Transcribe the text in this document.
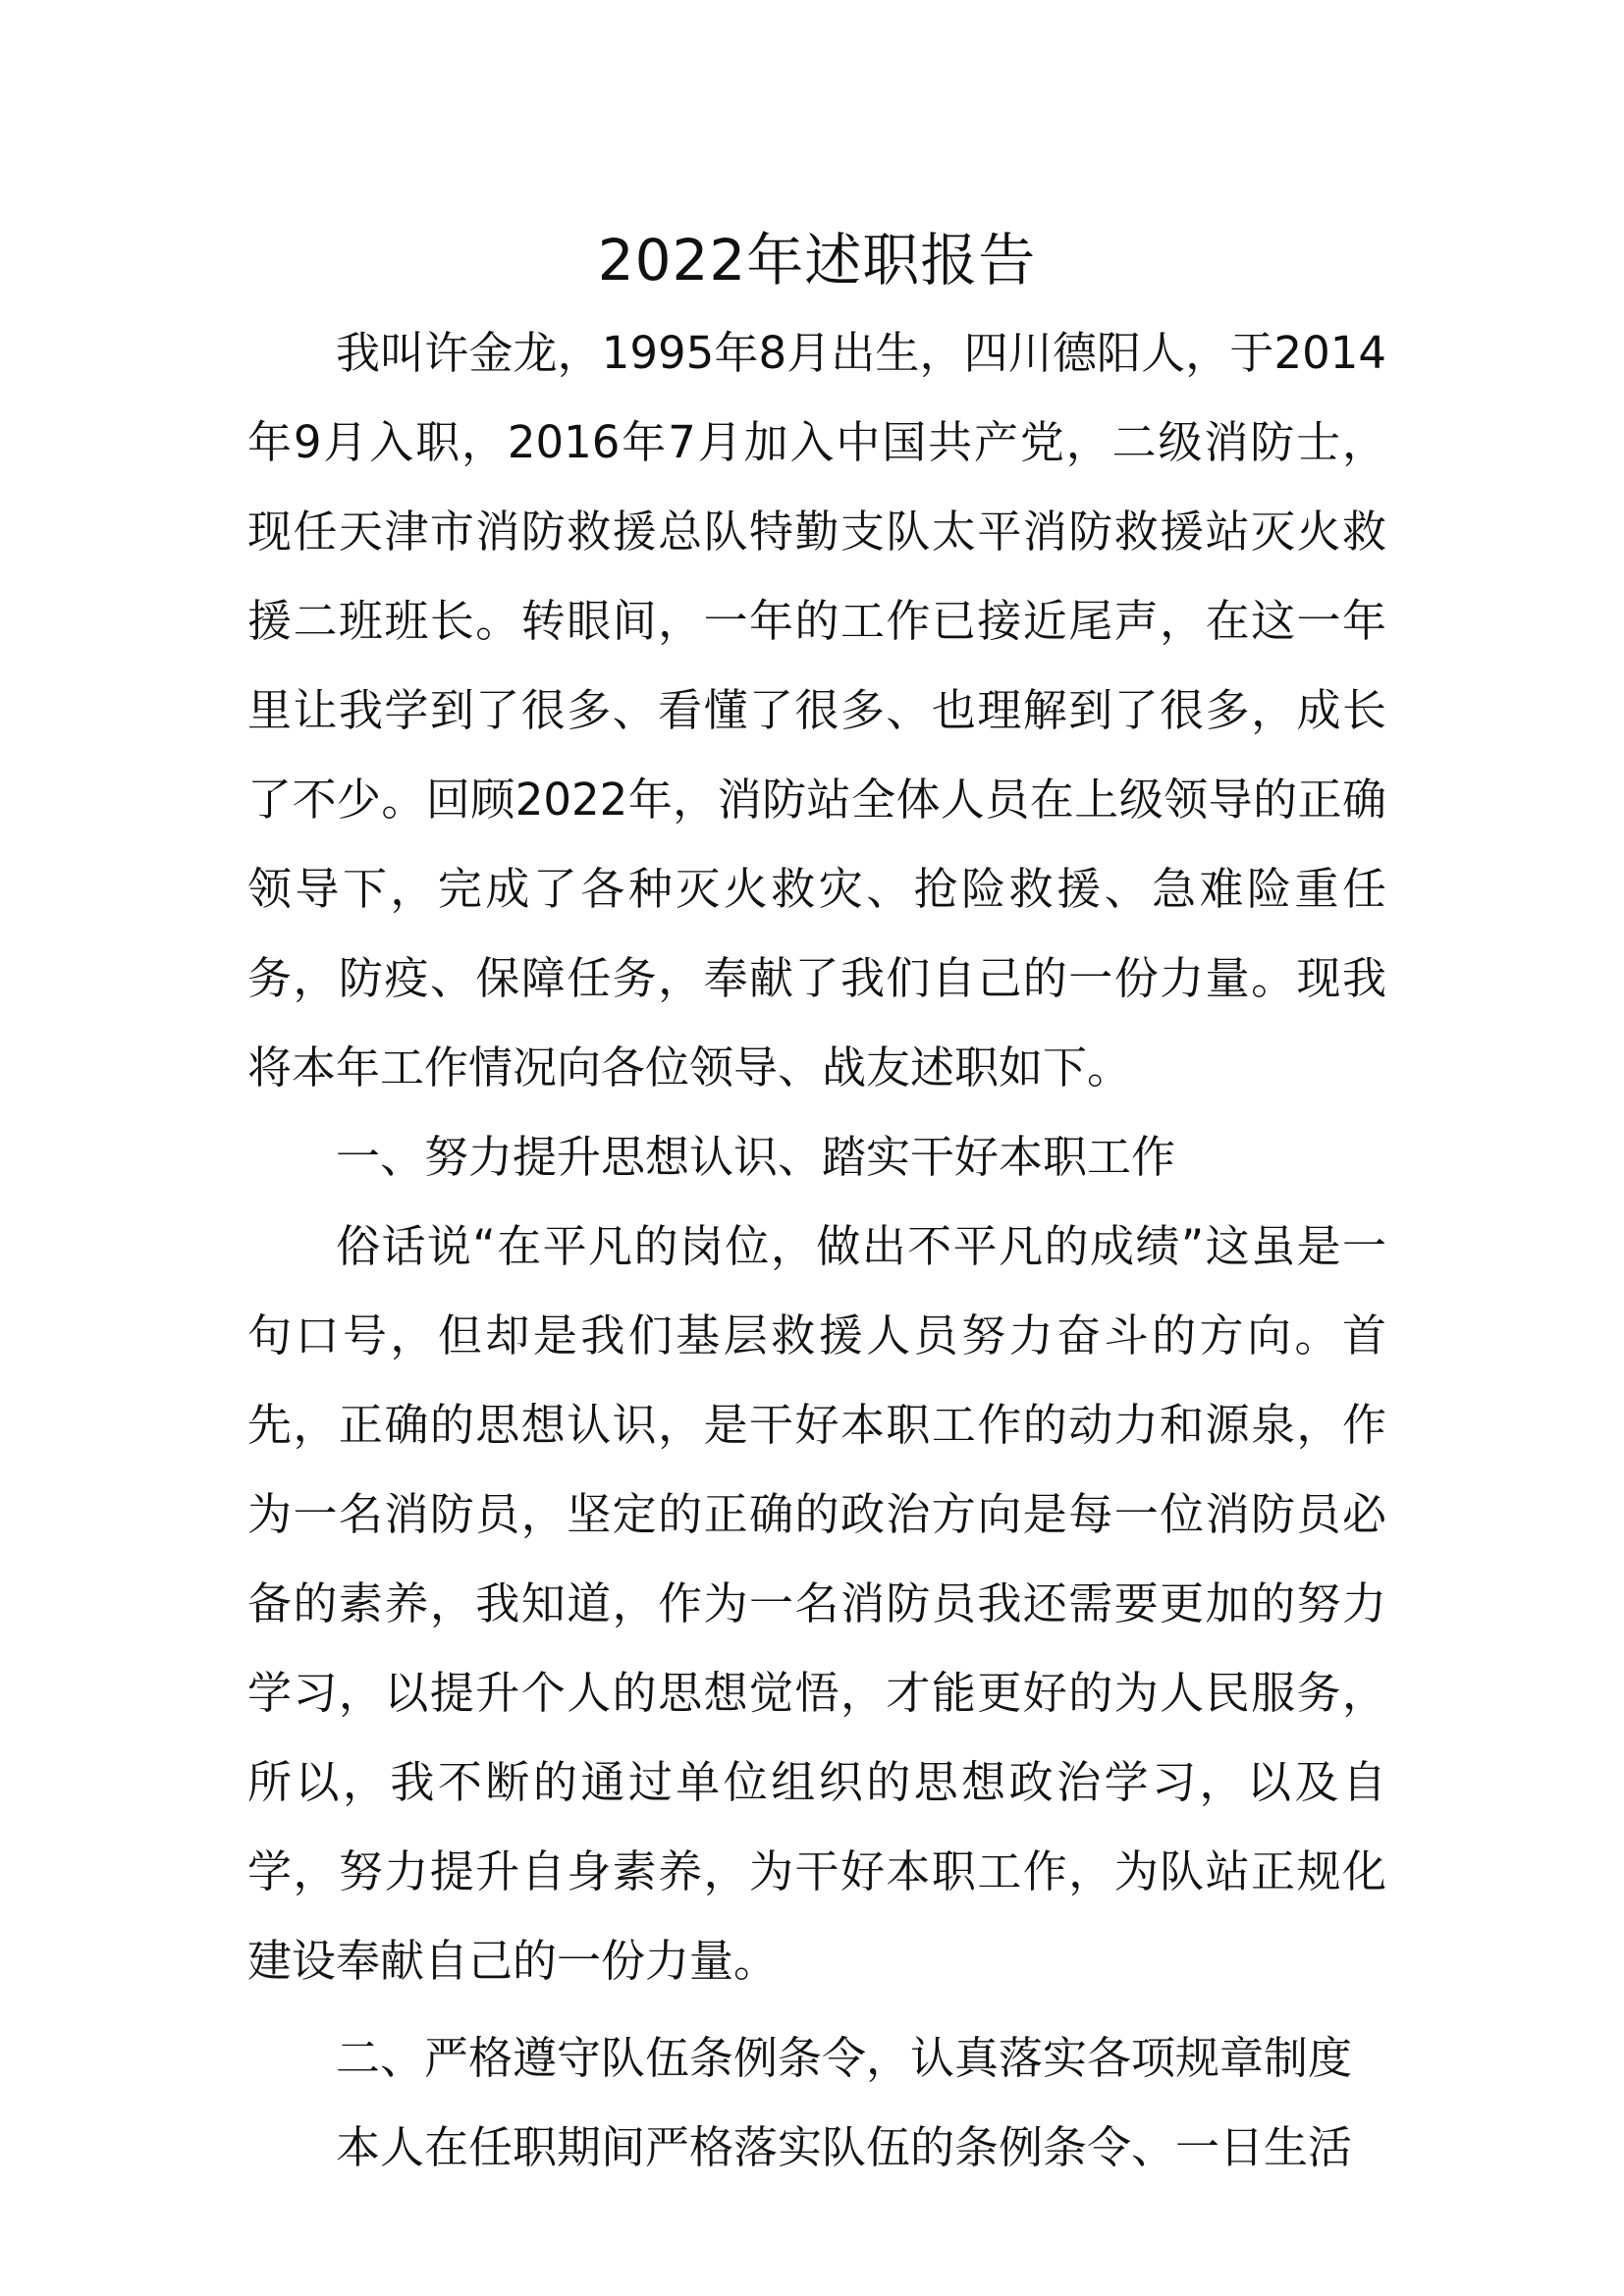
2022年述职报告

我叫许金龙，1995年8月出生，四川德阳人，于2014年9月入职，2016年7月加入中国共产党，二级消防士，现任天津市消防救援总队特勤支队太平消防救援站灭火救援二班班长。转眼间，一年的工作已接近尾声，在这一年里让我学到了很多、看懂了很多、也理解到了很多，成长了不少。回顾2022年，消防站全体人员在上级领导的正确领导下，完成了各种灭火救灾、抢险救援、急难险重任务，防疫、保障任务，奉献了我们自己的一份力量。现我将本年工作情况向各位领导、战友述职如下。

一、努力提升思想认识、踏实干好本职工作

俗话说“在平凡的岗位，做出不平凡的成绩”这虽是一句口号，但却是我们基层救援人员努力奋斗的方向。首先，正确的思想认识，是干好本职工作的动力和源泉，作为一名消防员，坚定的正确的政治方向是每一位消防员必备的素养，我知道，作为一名消防员我还需要更加的努力学习，以提升个人的思想觉悟，才能更好的为人民服务，所以，我不断的通过单位组织的思想政治学习，以及自学，努力提升自身素养，为干好本职工作，为队站正规化建设奉献自己的一份力量。

二、严格遵守队伍条例条令，认真落实各项规章制度

本人在任职期间严格落实队伍的条例条令、一日生活
